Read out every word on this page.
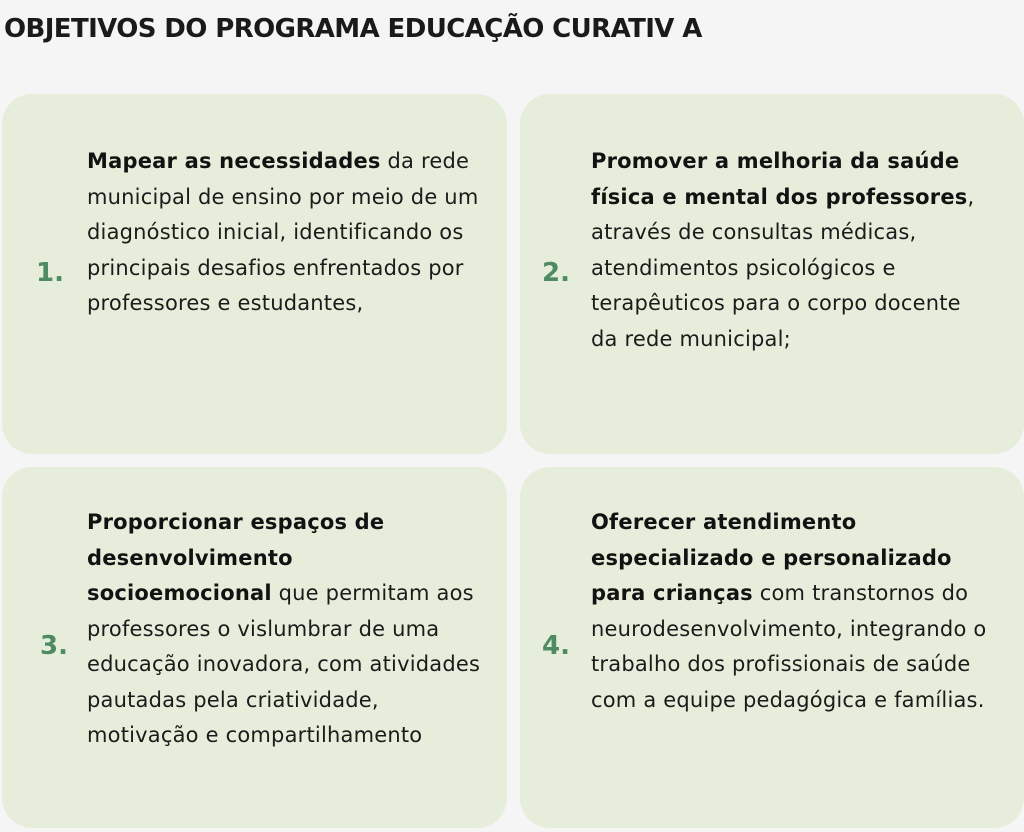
OBJETIVOS DO PROGRAMA EDUCAÇÃO CURATIV A
1.

Mapear as necessidades da rede municipal de ensino por meio de um diagnóstico inicial, identificando os principais desafios enfrentados por professores e estudantes,

2.

Promover a melhoria da saúde física e mental dos professores, através de consultas médicas, atendimentos psicológicos e terapêuticos para o corpo docente da rede municipal;

3.

Proporcionar espaços de desenvolvimento socioemocional que permitam aos professores o vislumbrar de uma educação inovadora, com atividades pautadas pela criatividade, motivação e compartilhamento

4.

Oferecer atendimento especializado e personalizado para crianças com transtornos do neurodesenvolvimento, integrando o trabalho dos profissionais de saúde com a equipe pedagógica e famílias.
